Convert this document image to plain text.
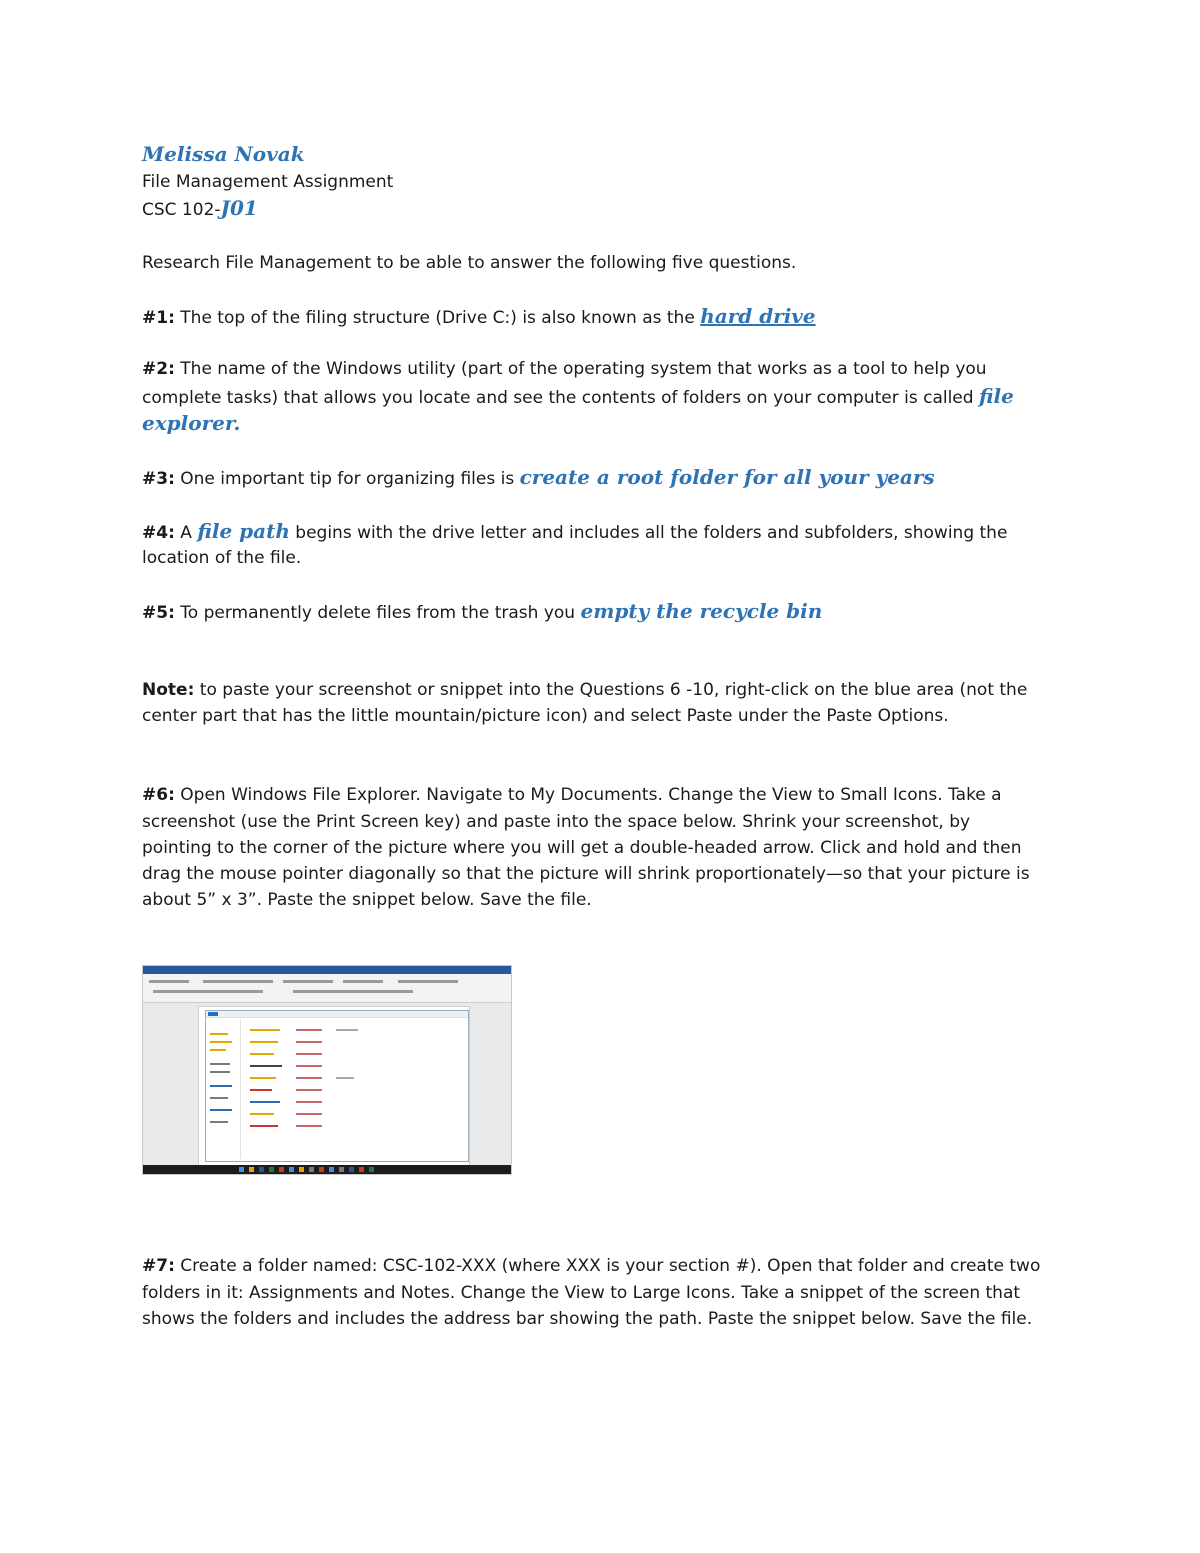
Melissa Novak
File Management Assignment
CSC 102-J01
Research File Management to be able to answer the following five questions.
#1: The top of the filing structure (Drive C:) is also known as the hard drive
#2: The name of the Windows utility (part of the operating system that works as a tool to help you
complete tasks) that allows you locate and see the contents of folders on your computer is called file
explorer.
#3: One important tip for organizing files is create a root folder for all your years
#4: A file path begins with the drive letter and includes all the folders and subfolders, showing the
location of the file.
#5: To permanently delete files from the trash you empty the recycle bin
Note: to paste your screenshot or snippet into the Questions 6 -10, right-click on the blue area (not the
center part that has the little mountain/picture icon) and select Paste under the Paste Options.
#6: Open Windows File Explorer. Navigate to My Documents. Change the View to Small Icons. Take a
screenshot (use the Print Screen key) and paste into the space below. Shrink your screenshot, by
pointing to the corner of the picture where you will get a double-headed arrow. Click and hold and then
drag the mouse pointer diagonally so that the picture will shrink proportionately—so that your picture is
about 5” x 3”. Paste the snippet below. Save the file.
#7: Create a folder named: CSC-102-XXX (where XXX is your section #). Open that folder and create two
folders in it: Assignments and Notes. Change the View to Large Icons. Take a snippet of the screen that
shows the folders and includes the address bar showing the path. Paste the snippet below. Save the file.
